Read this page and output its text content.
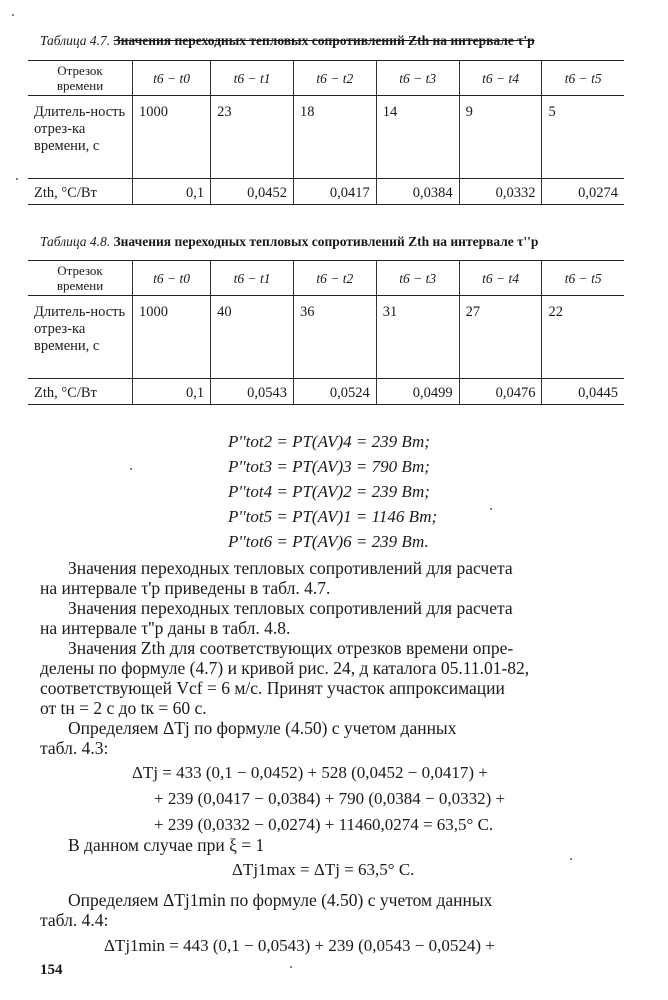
Таблица 4.7. Значения переходных тепловых сопротивлений Zth на интервале τ'р
Отрезок времени	t6 − t0	t6 − t1	t6 − t2	t6 − t3	t6 − t4	t6 − t5
Длитель-ность отрез-ка времени, с	1000	23	18	14	9	5
Zth, °С/Вт	0,1	0,0452	0,0417	0,0384	0,0332	0,0274
Таблица 4.8. Значения переходных тепловых сопротивлений Zth на интервале τ''р
Отрезок времени	t6 − t0	t6 − t1	t6 − t2	t6 − t3	t6 − t4	t6 − t5
Длитель-ность отрез-ка времени, с	1000	40	36	31	27	22
Zth, °С/Вт	0,1	0,0543	0,0524	0,0499	0,0476	0,0445
P''tot2 = PT(AV)4 = 239 Вт;
P''tot3 = PT(AV)3 = 790 Вт;
P''tot4 = PT(AV)2 = 239 Вт;
P''tot5 = PT(AV)1 = 1146 Вт;
P''tot6 = PT(AV)6 = 239 Вт.
Значения переходных тепловых сопротивлений для расчета
на интервале τ'р приведены в табл. 4.7.
Значения переходных тепловых сопротивлений для расчета
на интервале τ''р даны в табл. 4.8.
Значения Zth для соответствующих отрезков времени опре-
делены по формуле (4.7) и кривой рис. 24, д каталога 05.11.01-82,
соответствующей Vcf = 6 м/с. Принят участок аппроксимации
от tн = 2 с до tк = 60 с.
Определяем ΔTj по формуле (4.50) с учетом данных
табл. 4.3:
ΔTj = 433 (0,1 − 0,0452) + 528 (0,0452 − 0,0417) +
+ 239 (0,0417 − 0,0384) + 790 (0,0384 − 0,0332) +
+ 239 (0,0332 − 0,0274) + 11460,0274 = 63,5° С.
В данном случае при ξ = 1
ΔTj1max = ΔTj = 63,5° С.
Определяем ΔTj1min по формуле (4.50) с учетом данных
табл. 4.4:
ΔTj1min = 443 (0,1 − 0,0543) + 239 (0,0543 − 0,0524) +
154
